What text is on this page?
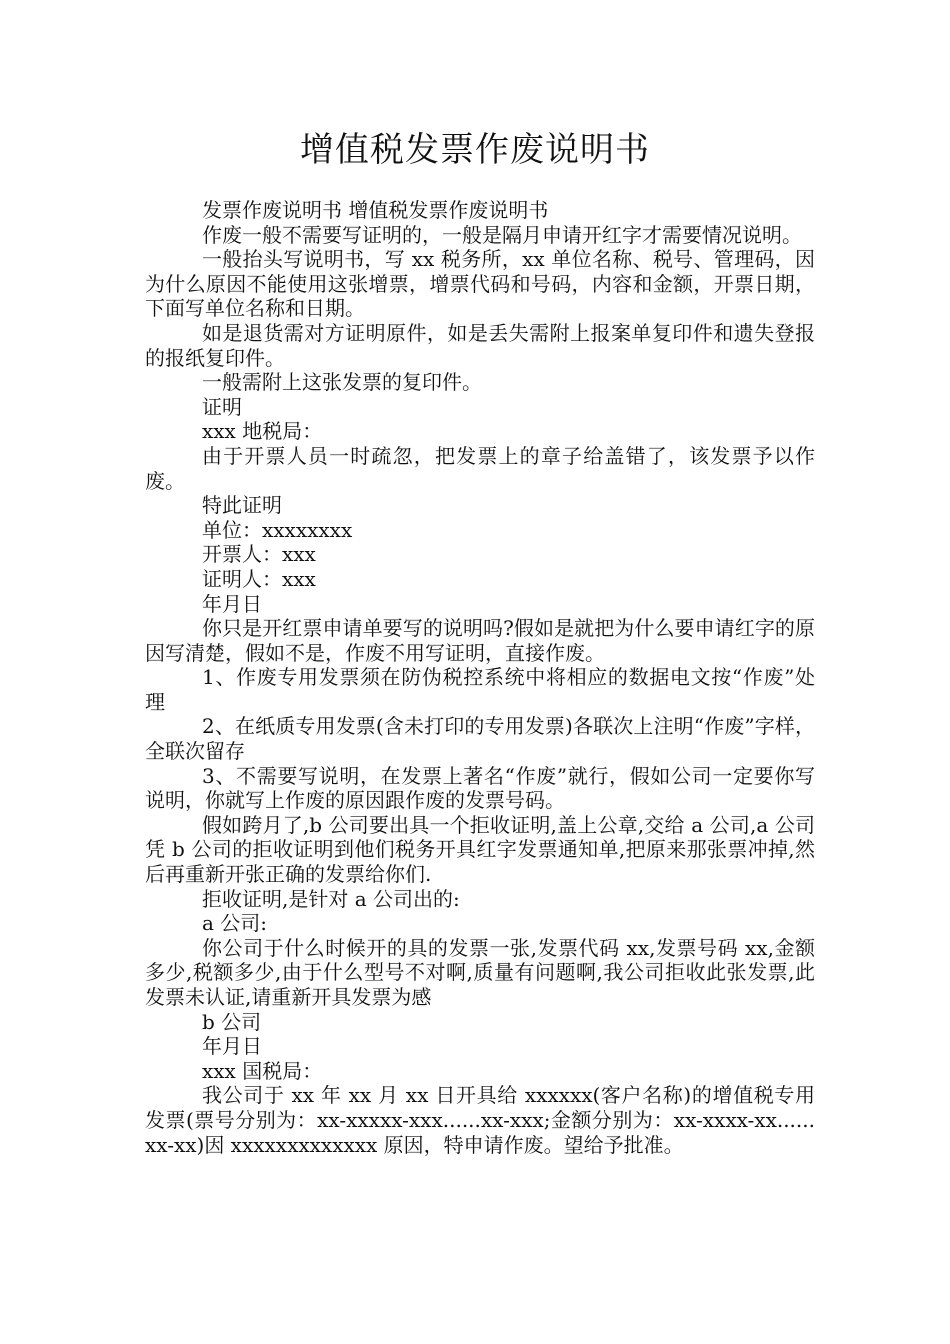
增值税发票作废说明书

发票作废说明书 增值税发票作废说明书

作废一般不需要写证明的，一般是隔月申请开红字才需要情况说明。

一般抬头写说明书，写 xx 税务所，xx 单位名称、税号、管理码，因为什么原因不能使用这张增票，增票代码和号码，内容和金额，开票日期，下面写单位名称和日期。

如是退货需对方证明原件，如是丢失需附上报案单复印件和遗失登报的报纸复印件。

一般需附上这张发票的复印件。

证明

xxx 地税局：

由于开票人员一时疏忽，把发票上的章子给盖错了，该发票予以作废。

特此证明

单位：xxxxxxxx

开票人：xxx

证明人：xxx

年月日

你只是开红票申请单要写的说明吗?假如是就把为什么要申请红字的原因写清楚，假如不是，作废不用写证明，直接作废。

1、作废专用发票须在防伪税控系统中将相应的数据电文按“作废”处理

2、在纸质专用发票(含未打印的专用发票)各联次上注明“作废”字样，全联次留存

3、不需要写说明，在发票上著名“作废”就行，假如公司一定要你写说明，你就写上作废的原因跟作废的发票号码。

假如跨月了,b 公司要出具一个拒收证明,盖上公章,交给 a 公司,a 公司凭 b 公司的拒收证明到他们税务开具红字发票通知单,把原来那张票冲掉,然后再重新开张正确的发票给你们.

拒收证明,是针对 a 公司出的:

a 公司:

你公司于什么时候开的具的发票一张,发票代码 xx,发票号码 xx,金额多少,税额多少,由于什么型号不对啊,质量有问题啊,我公司拒收此张发票,此发票未认证,请重新开具发票为感

b 公司

年月日

xxx 国税局：

我公司于 xx 年 xx 月 xx 日开具给 xxxxxx(客户名称)的增值税专用发票(票号分别为：xx-xxxxx-xxx......xx-xxx;金额分别为：xx-xxxx-xx......xx-xx)因 xxxxxxxxxxxxx 原因，特申请作废。望给予批准。
